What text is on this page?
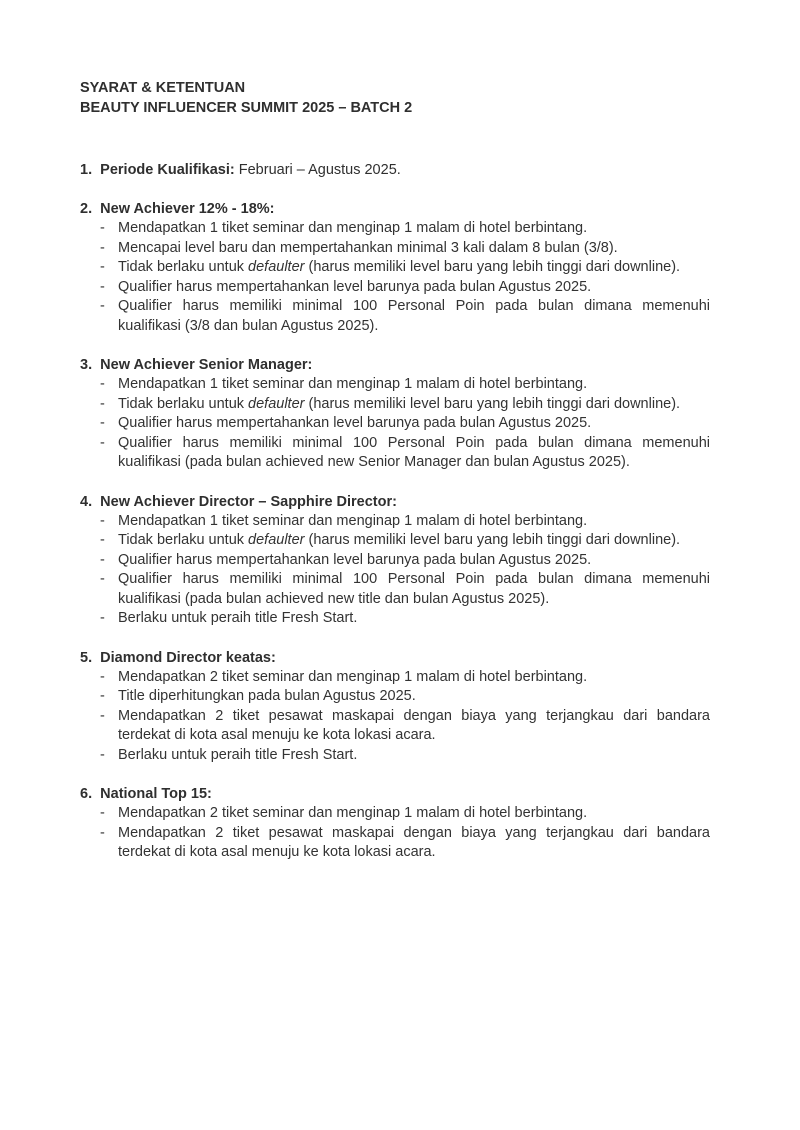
SYARAT & KETENTUAN
BEAUTY INFLUENCER SUMMIT 2025 – BATCH 2
1. Periode Kualifikasi: Februari – Agustus 2025.
2. New Achiever 12% - 18%:
- Mendapatkan 1 tiket seminar dan menginap 1 malam di hotel berbintang.
- Mencapai level baru dan mempertahankan minimal 3 kali dalam 8 bulan (3/8).
- Tidak berlaku untuk defaulter (harus memiliki level baru yang lebih tinggi dari downline).
- Qualifier harus mempertahankan level barunya pada bulan Agustus 2025.
- Qualifier harus memiliki minimal 100 Personal Poin pada bulan dimana memenuhi kualifikasi (3/8 dan bulan Agustus 2025).
3. New Achiever Senior Manager:
- Mendapatkan 1 tiket seminar dan menginap 1 malam di hotel berbintang.
- Tidak berlaku untuk defaulter (harus memiliki level baru yang lebih tinggi dari downline).
- Qualifier harus mempertahankan level barunya pada bulan Agustus 2025.
- Qualifier harus memiliki minimal 100 Personal Poin pada bulan dimana memenuhi kualifikasi (pada bulan achieved new Senior Manager dan bulan Agustus 2025).
4. New Achiever Director – Sapphire Director:
- Mendapatkan 1 tiket seminar dan menginap 1 malam di hotel berbintang.
- Tidak berlaku untuk defaulter (harus memiliki level baru yang lebih tinggi dari downline).
- Qualifier harus mempertahankan level barunya pada bulan Agustus 2025.
- Qualifier harus memiliki minimal 100 Personal Poin pada bulan dimana memenuhi kualifikasi (pada bulan achieved new title dan bulan Agustus 2025).
- Berlaku untuk peraih title Fresh Start.
5. Diamond Director keatas:
- Mendapatkan 2 tiket seminar dan menginap 1 malam di hotel berbintang.
- Title diperhitungkan pada bulan Agustus 2025.
- Mendapatkan 2 tiket pesawat maskapai dengan biaya yang terjangkau dari bandara terdekat di kota asal menuju ke kota lokasi acara.
- Berlaku untuk peraih title Fresh Start.
6. National Top 15:
- Mendapatkan 2 tiket seminar dan menginap 1 malam di hotel berbintang.
- Mendapatkan 2 tiket pesawat maskapai dengan biaya yang terjangkau dari bandara terdekat di kota asal menuju ke kota lokasi acara.
